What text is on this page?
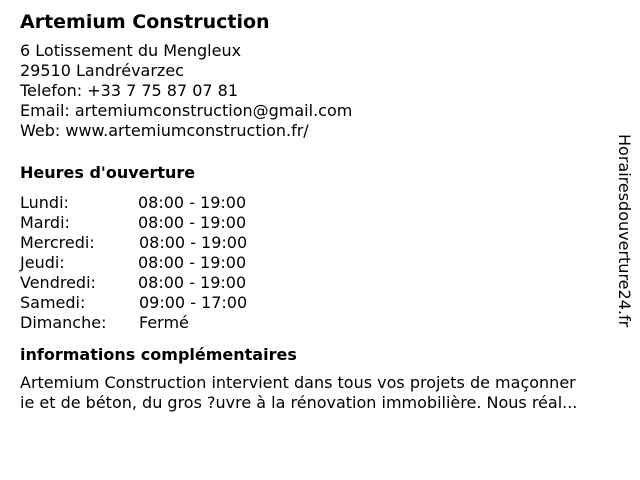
Artemium Construction
6 Lotissement du Mengleux
29510 Landrévarzec
Telefon: +33 7 75 87 07 81
Email: artemiumconstruction@gmail.com
Web: www.artemiumconstruction.fr/
Heures d'ouverture
Lundi:	08:00 - 19:00
Mardi:	08:00 - 19:00
Mercredi:	08:00 - 19:00
Jeudi:	08:00 - 19:00
Vendredi:	08:00 - 19:00
Samedi:	09:00 - 17:00
Dimanche: Fermé
informations complémentaires
Artemium Construction intervient dans tous vos projets de maçonner
ie et de béton, du gros ?uvre à la rénovation immobilière. Nous réal...
Horairesdouverture24.fr
